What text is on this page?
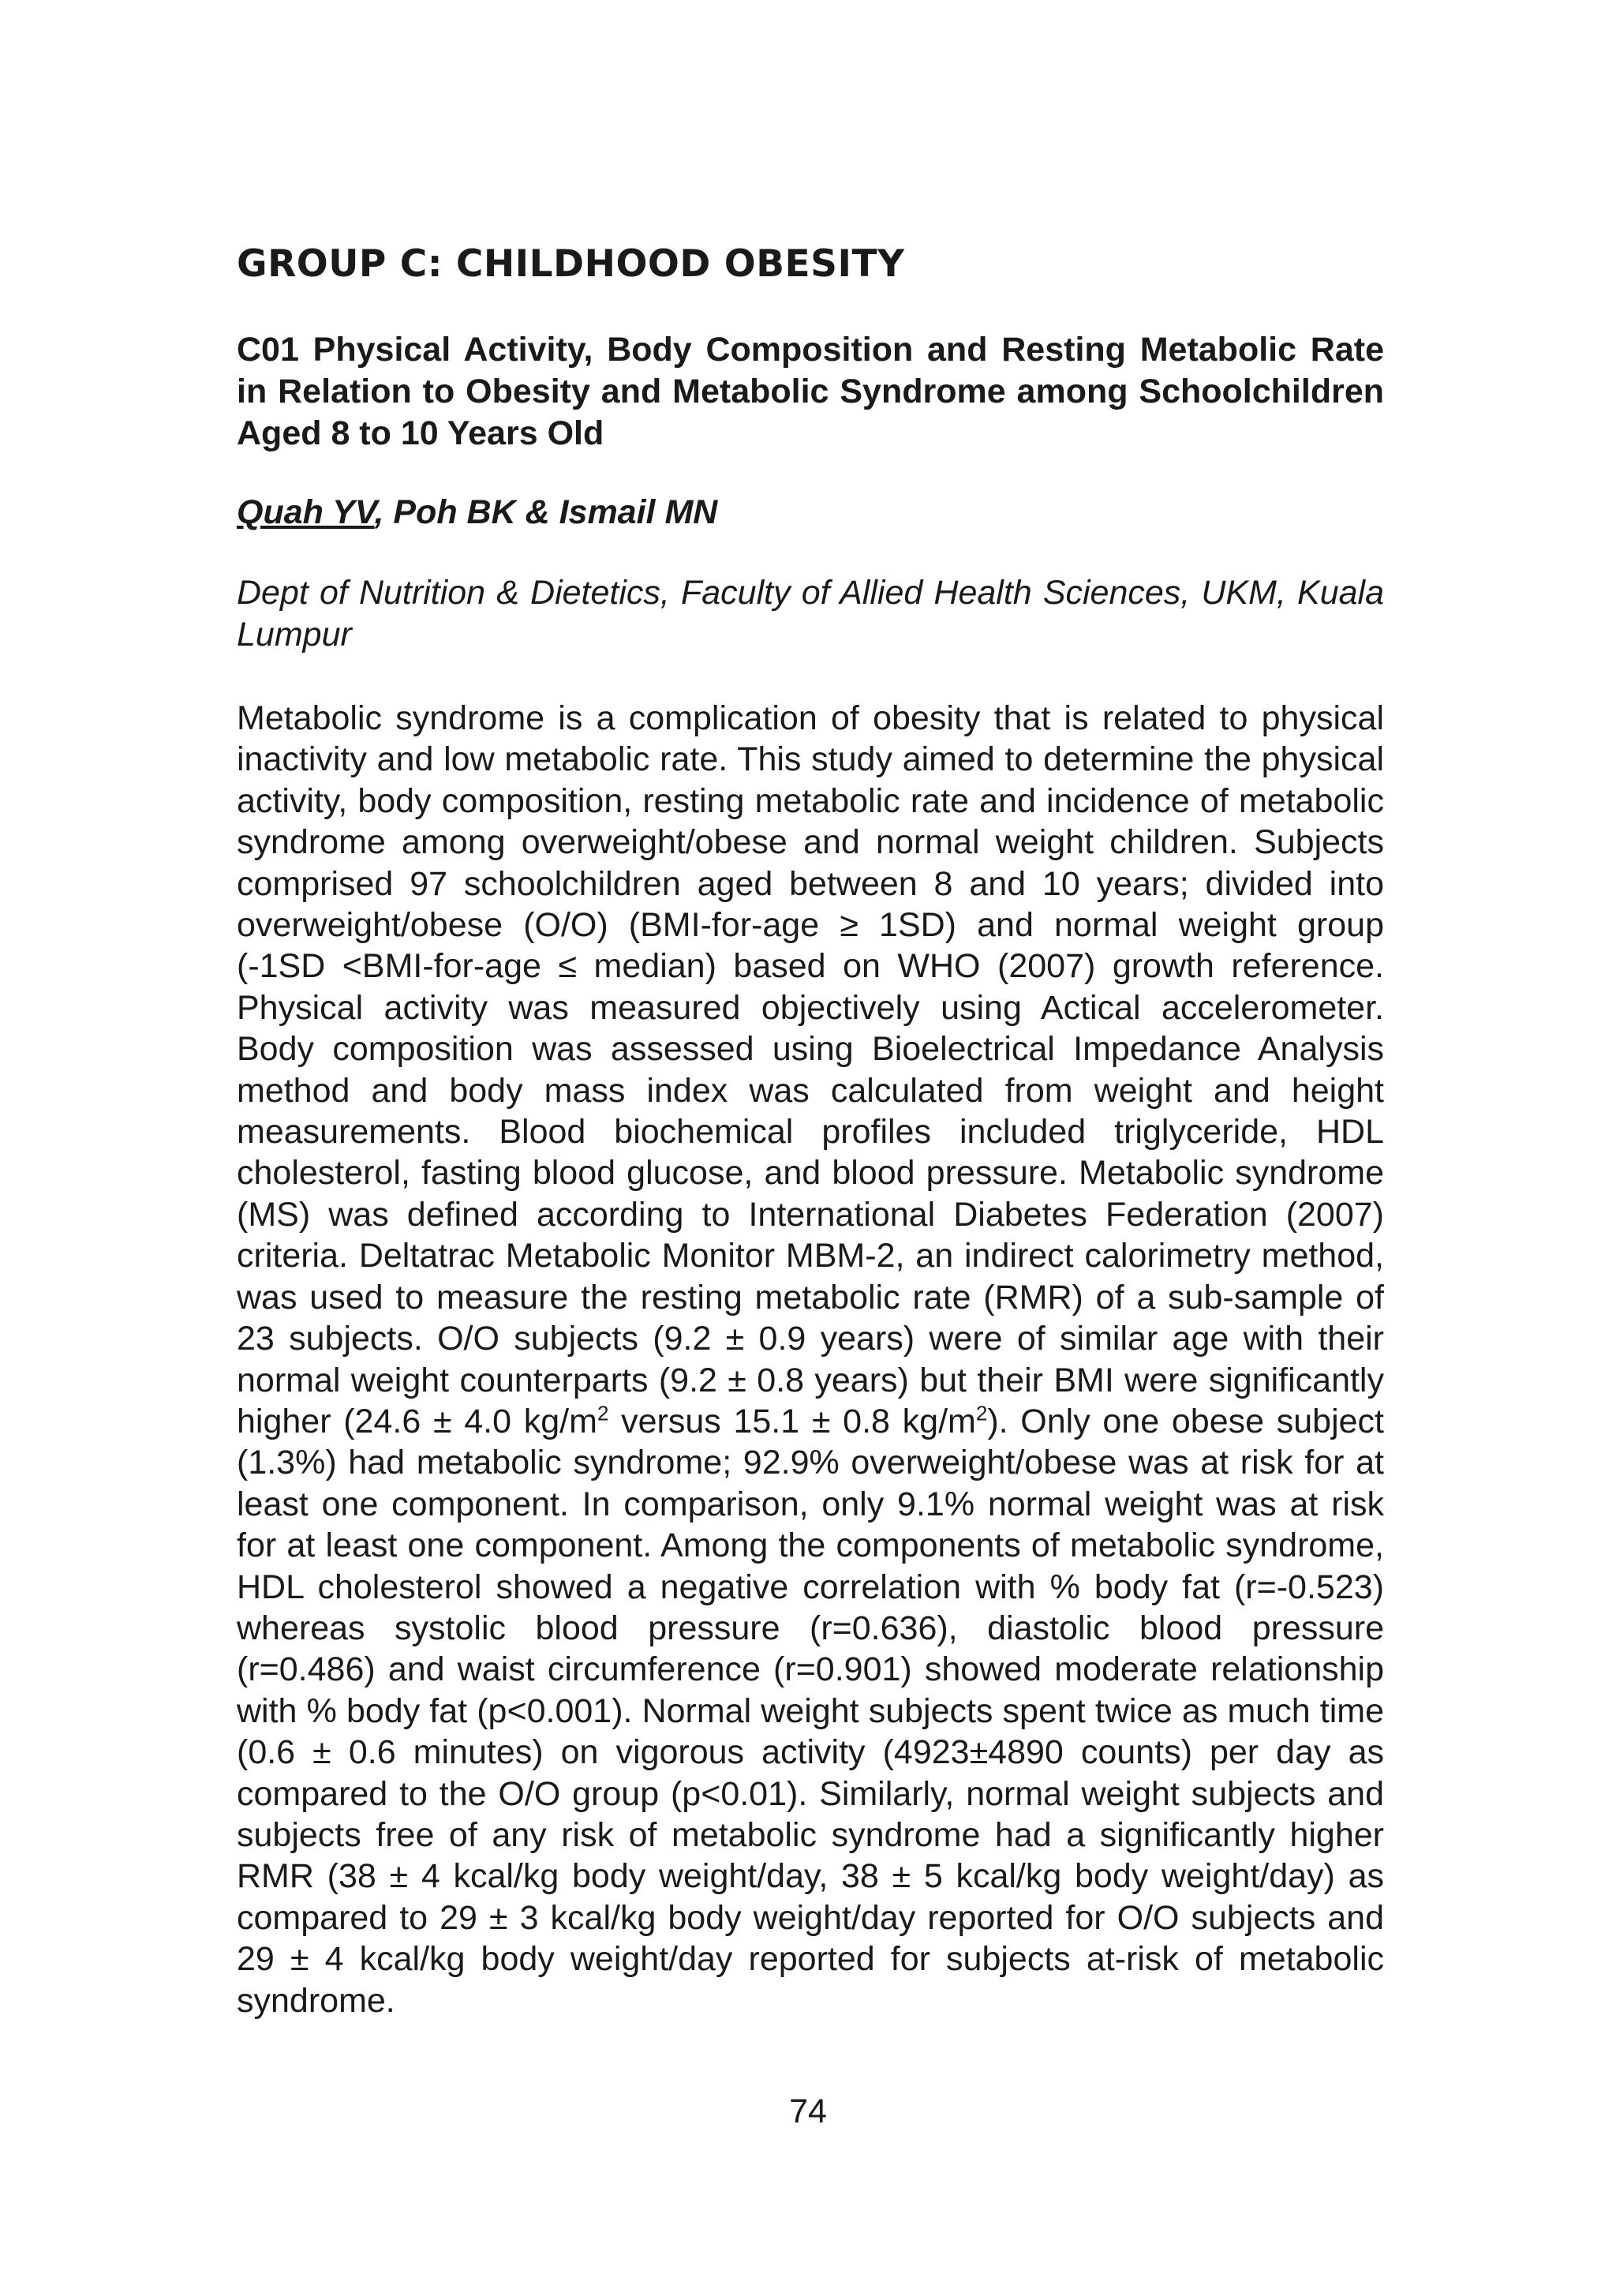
GROUP C: CHILDHOOD OBESITY
C01 Physical Activity, Body Composition and Resting Metabolic Rate in Relation to Obesity and Metabolic Syndrome among Schoolchildren Aged 8 to 10 Years Old

Quah YV, Poh BK & Ismail MN

Dept of Nutrition & Dietetics, Faculty of Allied Health Sciences, UKM, Kuala Lumpur

Metabolic syndrome is a complication of obesity that is related to physical inactivity and low metabolic rate. This study aimed to determine the physical activity, body composition, resting metabolic rate and incidence of metabolic syndrome among overweight/obese and normal weight children. Subjects comprised 97 schoolchildren aged between 8 and 10 years; divided into overweight/obese (O/O) (BMI-for-age ≥ 1SD) and normal weight group (-1SD <BMI-for-age ≤ median) based on WHO (2007) growth reference. Physical activity was measured objectively using Actical accelerometer. Body composition was assessed using Bioelectrical Impedance Analysis method and body mass index was calculated from weight and height measurements. Blood biochemical profiles included triglyceride, HDL cholesterol, fasting blood glucose, and blood pressure. Metabolic syndrome (MS) was defined according to International Diabetes Federation (2007) criteria. Deltatrac Metabolic Monitor MBM-2, an indirect calorimetry method, was used to measure the resting metabolic rate (RMR) of a sub-sample of 23 subjects. O/O subjects (9.2 ± 0.9 years) were of similar age with their normal weight counterparts (9.2 ± 0.8 years) but their BMI were significantly higher (24.6 ± 4.0 $kg/m^2$ versus 15.1 ± 0.8 $kg/m^2$). Only one obese subject (1.3%) had metabolic syndrome; 92.9% overweight/obese was at risk for at least one component. In comparison, only 9.1% normal weight was at risk for at least one component. Among the components of metabolic syndrome, HDL cholesterol showed a negative correlation with % body fat (r=-0.523) whereas systolic blood pressure (r=0.636), diastolic blood pressure (r=0.486) and waist circumference (r=0.901) showed moderate relationship with % body fat (p<0.001). Normal weight subjects spent twice as much time (0.6 ± 0.6 minutes) on vigorous activity (4923±4890 counts) per day as compared to the O/O group (p<0.01). Similarly, normal weight subjects and subjects free of any risk of metabolic syndrome had a significantly higher RMR (38 ± 4 kcal/kg body weight/day, 38 ± 5 kcal/kg body weight/day) as compared to 29 ± 3 kcal/kg body weight/day reported for O/O subjects and 29 ± 4 kcal/kg body weight/day reported for subjects at-risk of metabolic syndrome.

74
